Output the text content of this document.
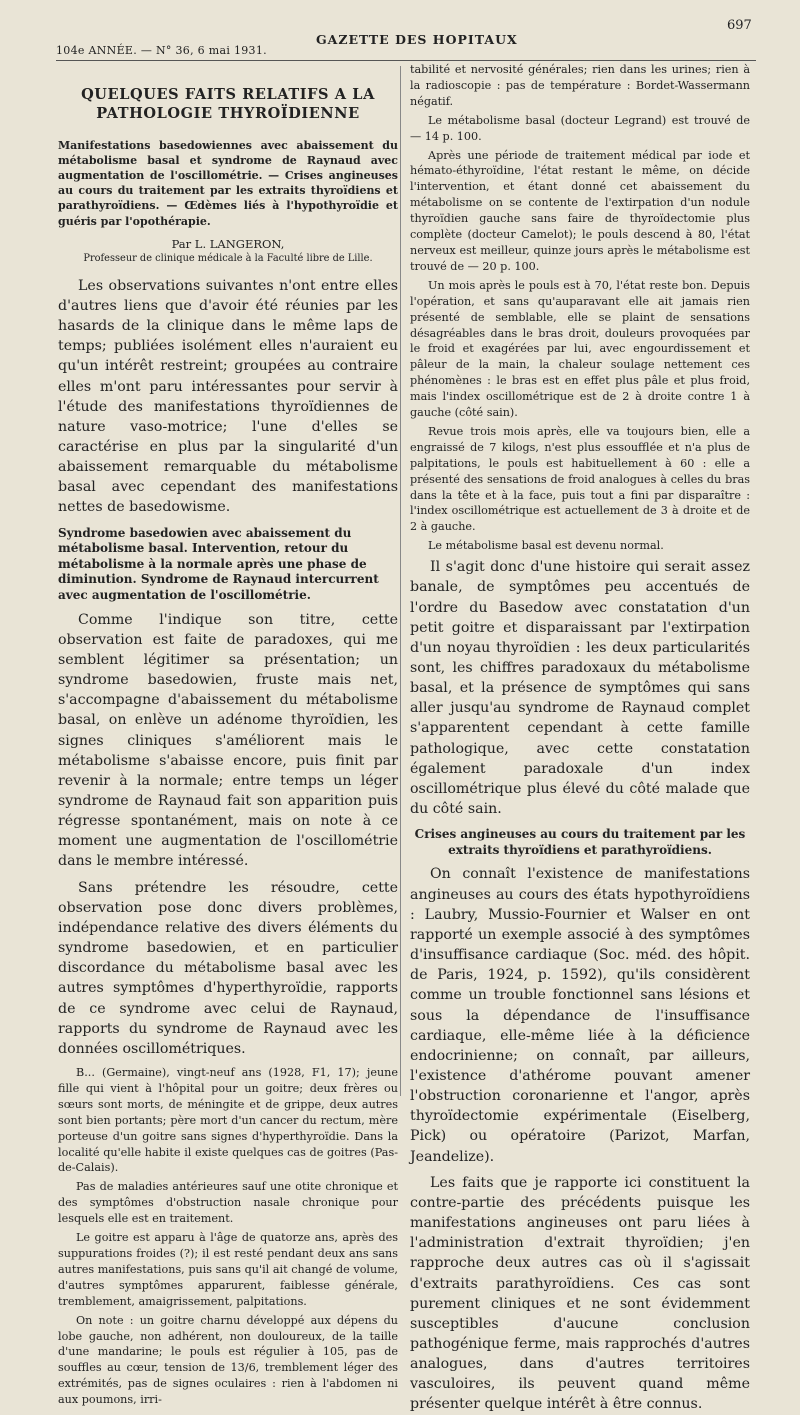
104e ANNÉE. — N° 36, 6 mai 1931.
GAZETTE DES HOPITAUX
697
QUELQUES FAITS RELATIFS A LA PATHOLOGIE THYROÏDIENNE
Manifestations basedowiennes avec abaissement du métabolisme basal et syndrome de Raynaud avec augmentation de l'oscillométrie. — Crises angineuses au cours du traitement par les extraits thyroïdiens et parathyroïdiens. — Œdèmes liés à l'hypothyroïdie et guéris par l'opothérapie.
Par L. LANGERON,
Professeur de clinique médicale à la Faculté libre de Lille.

Les observations suivantes n'ont entre elles d'autres liens que d'avoir été réunies par les hasards de la clinique dans le même laps de temps; publiées isolément elles n'auraient eu qu'un intérêt restreint; groupées au contraire elles m'ont paru intéressantes pour servir à l'étude des manifestations thyroïdiennes de nature vaso-motrice; l'une d'elles se caractérise en plus par la singularité d'un abaissement remarquable du métabolisme basal avec cependant des manifestations nettes de basedowisme.

Syndrome basedowien avec abaissement du métabolisme basal. Intervention, retour du métabolisme à la normale après une phase de diminution. Syndrome de Raynaud intercurrent avec augmentation de l'oscillométrie.

Comme l'indique son titre, cette observation est faite de paradoxes, qui me semblent légitimer sa présentation; un syndrome basedowien, fruste mais net, s'accompagne d'abaissement du métabolisme basal, on enlève un adénome thyroïdien, les signes cliniques s'améliorent mais le métabolisme s'abaisse encore, puis finit par revenir à la normale; entre temps un léger syndrome de Raynaud fait son apparition puis régresse spontanément, mais on note à ce moment une augmentation de l'oscillométrie dans le membre intéressé.

Sans prétendre les résoudre, cette observation pose donc divers problèmes, indépendance relative des divers éléments du syndrome basedowien, et en particulier discordance du métabolisme basal avec les autres symptômes d'hyperthyroïdie, rapports de ce syndrome avec celui de Raynaud, rapports du syndrome de Raynaud avec les données oscillométriques.

B... (Germaine), vingt-neuf ans (1928, F1, 17); jeune fille qui vient à l'hôpital pour un goitre; deux frères ou sœurs sont morts, de méningite et de grippe, deux autres sont bien portants; père mort d'un cancer du rectum, mère porteuse d'un goitre sans signes d'hyperthyroïdie. Dans la localité qu'elle habite il existe quelques cas de goitres (Pas-de-Calais).

Pas de maladies antérieures sauf une otite chronique et des symptômes d'obstruction nasale chronique pour lesquels elle est en traitement.

Le goitre est apparu à l'âge de quatorze ans, après des suppurations froides (?); il est resté pendant deux ans sans autres manifestations, puis sans qu'il ait changé de volume, d'autres symptômes apparurent, faiblesse générale, tremblement, amaigrissement, palpitations.

On note : un goitre charnu développé aux dépens du lobe gauche, non adhérent, non douloureux, de la taille d'une mandarine; le pouls est régulier à 105, pas de souffles au cœur, tension de 13/6, tremblement léger des extrémités, pas de signes oculaires : rien à l'abdomen ni aux poumons, irri-

tabilité et nervosité générales; rien dans les urines; rien à la radioscopie : pas de température : Bordet-Wassermann négatif.

Le métabolisme basal (docteur Legrand) est trouvé de — 14 p. 100.

Après une période de traitement médical par iode et hémato-éthyroïdine, l'état restant le même, on décide l'intervention, et étant donné cet abaissement du métabolisme on se contente de l'extirpation d'un nodule thyroïdien gauche sans faire de thyroïdectomie plus complète (docteur Camelot); le pouls descend à 80, l'état nerveux est meilleur, quinze jours après le métabolisme est trouvé de — 20 p. 100.

Un mois après le pouls est à 70, l'état reste bon. Depuis l'opération, et sans qu'auparavant elle ait jamais rien présenté de semblable, elle se plaint de sensations désagréables dans le bras droit, douleurs provoquées par le froid et exagérées par lui, avec engourdissement et pâleur de la main, la chaleur soulage nettement ces phénomènes : le bras est en effet plus pâle et plus froid, mais l'index oscillométrique est de 2 à droite contre 1 à gauche (côté sain).

Revue trois mois après, elle va toujours bien, elle a engraissé de 7 kilogs, n'est plus essoufflée et n'a plus de palpitations, le pouls est habituellement à 60 : elle a présenté des sensations de froid analogues à celles du bras dans la tête et à la face, puis tout a fini par disparaître : l'index oscillométrique est actuellement de 3 à droite et de 2 à gauche.

Le métabolisme basal est devenu normal.

Il s'agit donc d'une histoire qui serait assez banale, de symptômes peu accentués de l'ordre du Basedow avec constatation d'un petit goitre et disparaissant par l'extirpation d'un noyau thyroïdien : les deux particularités sont, les chiffres paradoxaux du métabolisme basal, et la présence de symptômes qui sans aller jusqu'au syndrome de Raynaud complet s'apparentent cependant à cette famille pathologique, avec cette constatation également paradoxale d'un index oscillométrique plus élevé du côté malade que du côté sain.

Crises angineuses au cours du traitement par les extraits thyroïdiens et parathyroïdiens.

On connaît l'existence de manifestations angineuses au cours des états hypothyroïdiens : Laubry, Mussio-Fournier et Walser en ont rapporté un exemple associé à des symptômes d'insuffisance cardiaque (Soc. méd. des hôpit. de Paris, 1924, p. 1592), qu'ils considèrent comme un trouble fonctionnel sans lésions et sous la dépendance de l'insuffisance cardiaque, elle-même liée à la déficience endocrinienne; on connaît, par ailleurs, l'existence d'athérome pouvant amener l'obstruction coronarienne et l'angor, après thyroïdectomie expérimentale (Eiselberg, Pick) ou opératoire (Parizot, Marfan, Jeandelize).

Les faits que je rapporte ici constituent la contre-partie des précédents puisque les manifestations angineuses ont paru liées à l'administration d'extrait thyroïdien; j'en rapproche deux autres cas où il s'agissait d'extraits parathyroïdiens. Ces cas sont purement cliniques et ne sont évidemment susceptibles d'aucune conclusion pathogénique ferme, mais rapprochés d'autres analogues, dans d'autres territoires vasculoires, ils peuvent quand même présenter quelque intérêt à être connus.
